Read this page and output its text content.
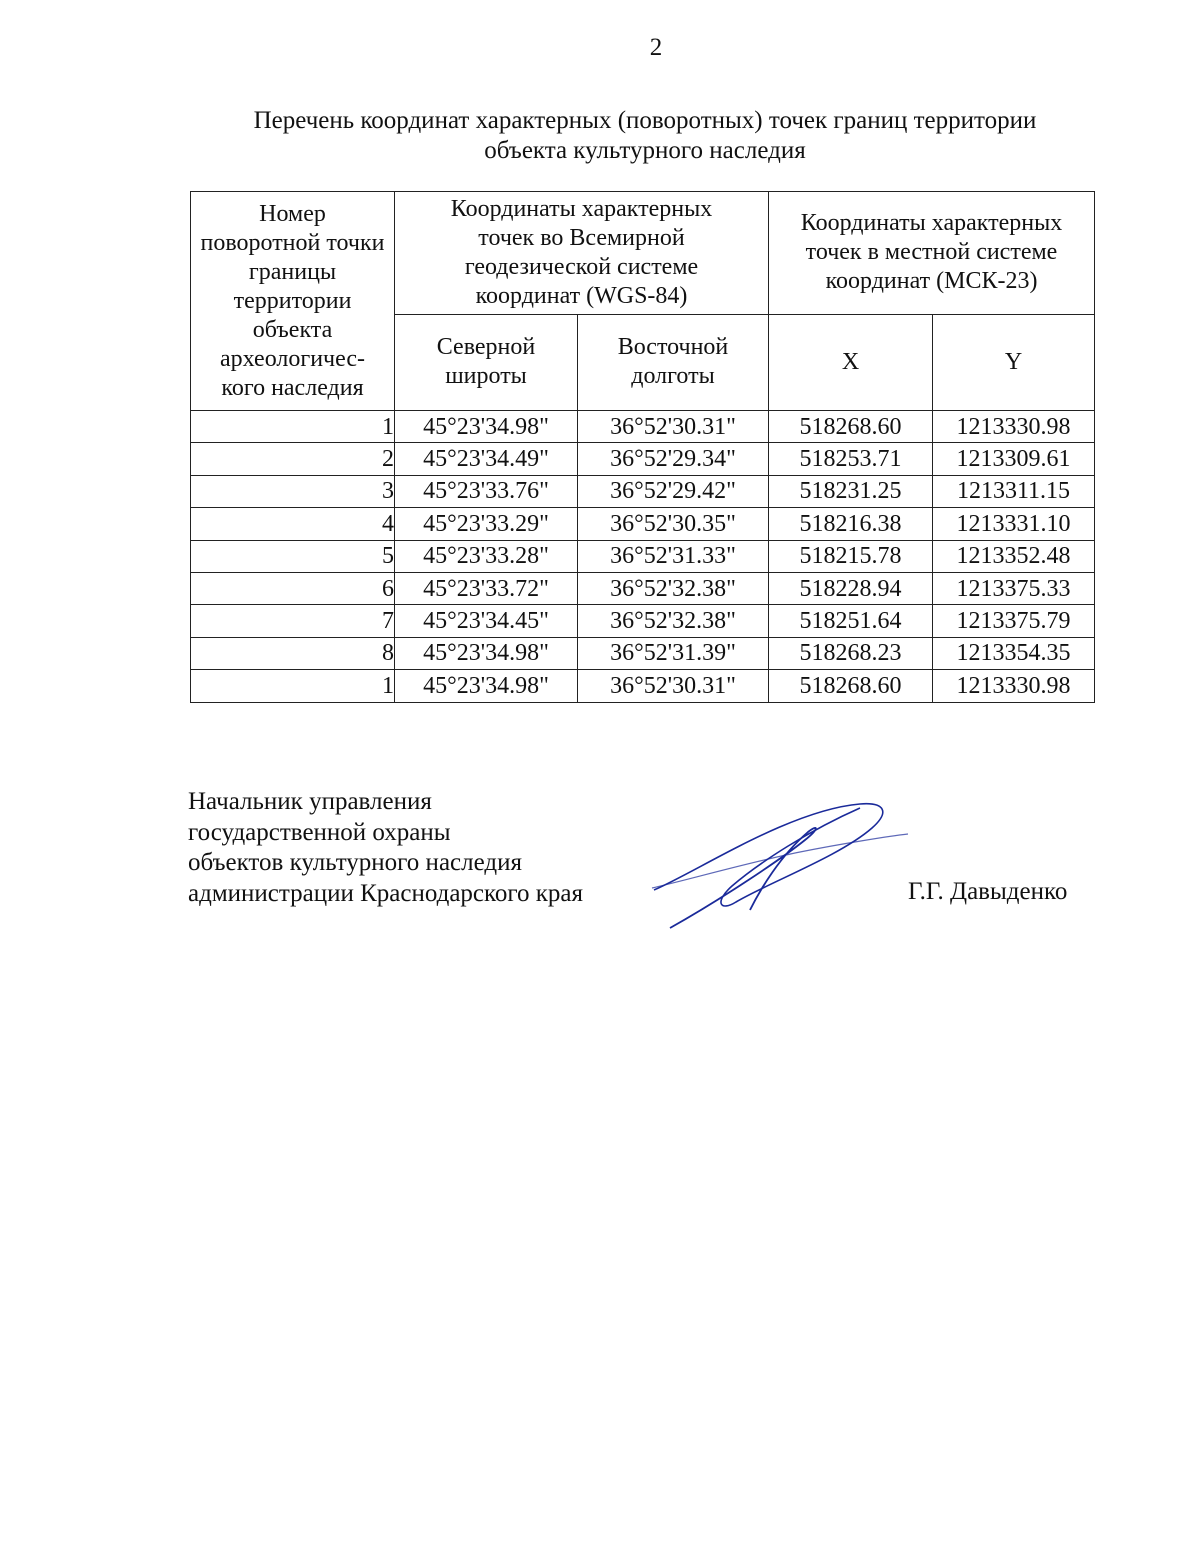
2
Перечень координат характерных (поворотных) точек границ территории
объекта культурного наследия
Номер поворотной точки границы территории объекта археологичес-кого наследия	Координаты характерных точек во Всемирной геодезической системе координат (WGS-84)		Координаты характерных точек в местной системе координат (МСК-23)	

	Северной широты	Восточной долготы	X	Y
1	45°23'34.98"	36°52'30.31"	518268.60	1213330.98
2	45°23'34.49"	36°52'29.34"	518253.71	1213309.61
3	45°23'33.76"	36°52'29.42"	518231.25	1213311.15
4	45°23'33.29"	36°52'30.35"	518216.38	1213331.10
5	45°23'33.28"	36°52'31.33"	518215.78	1213352.48
6	45°23'33.72"	36°52'32.38"	518228.94	1213375.33
7	45°23'34.45"	36°52'32.38"	518251.64	1213375.79
8	45°23'34.98"	36°52'31.39"	518268.23	1213354.35
1	45°23'34.98"	36°52'30.31"	518268.60	1213330.98
Начальник управления
государственной охраны
объектов культурного наследия
администрации Краснодарского края	Г.Г. Давыденко
